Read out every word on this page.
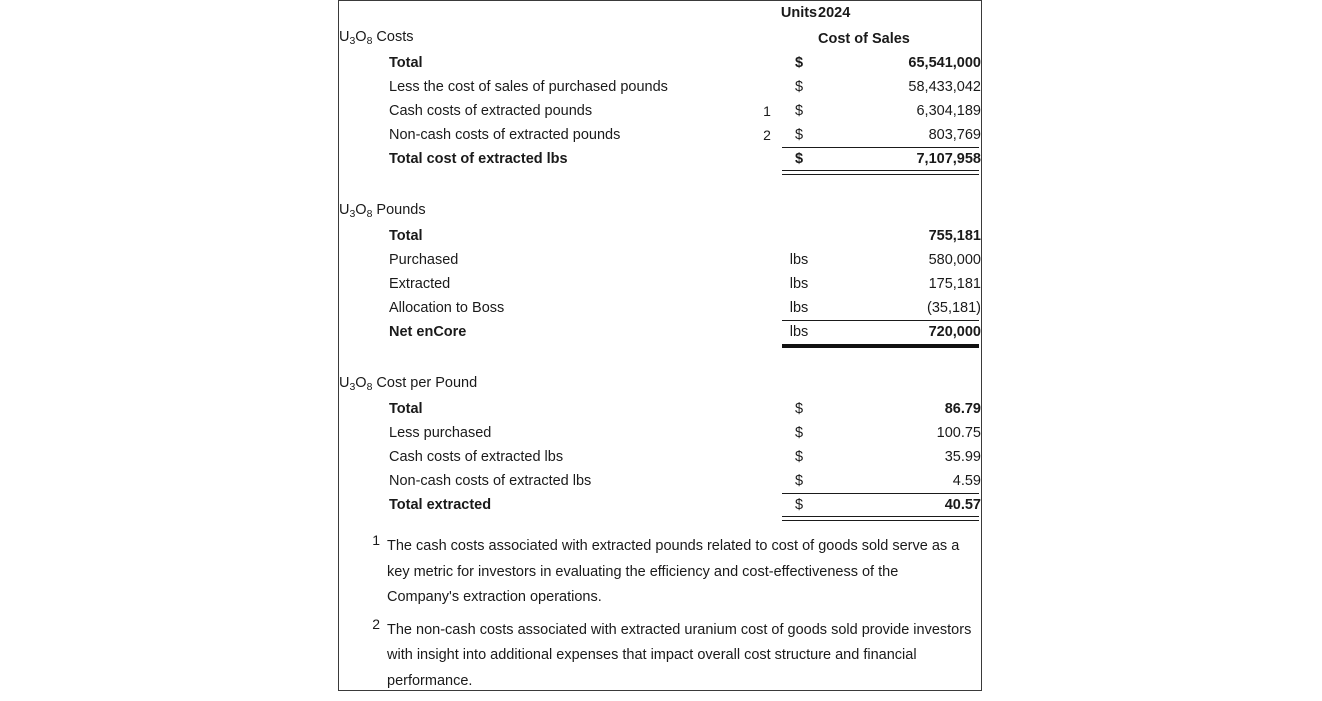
		Units	2024
$U_3O_8$ Costs			Cost of Sales
Total		$	65,541,000
Less the cost of sales of purchased pounds		$	58,433,042
Cash costs of extracted pounds	1	$	6,304,189
Non-cash costs of extracted pounds	2	$	803,769
Total cost of extracted lbs		$	7,107,958

$U_3O_8$ Pounds			
Total			755,181
Purchased		lbs	580,000
Extracted		lbs	175,181
Allocation to Boss		lbs	(35,181)
Net enCore		lbs	720,000

$U_3O_8$ Cost per Pound			
Total		$	86.79
Less purchased		$	100.75
Cash costs of extracted lbs		$	35.99
Non-cash costs of extracted lbs		$	4.59
Total extracted		$	40.57
1 The cash costs associated with extracted pounds related to cost of goods sold serve as a key metric for investors in evaluating the efficiency and cost-effectiveness of the Company's extraction operations.
2 The non-cash costs associated with extracted uranium cost of goods sold provide investors with insight into additional expenses that impact overall cost structure and financial performance.
